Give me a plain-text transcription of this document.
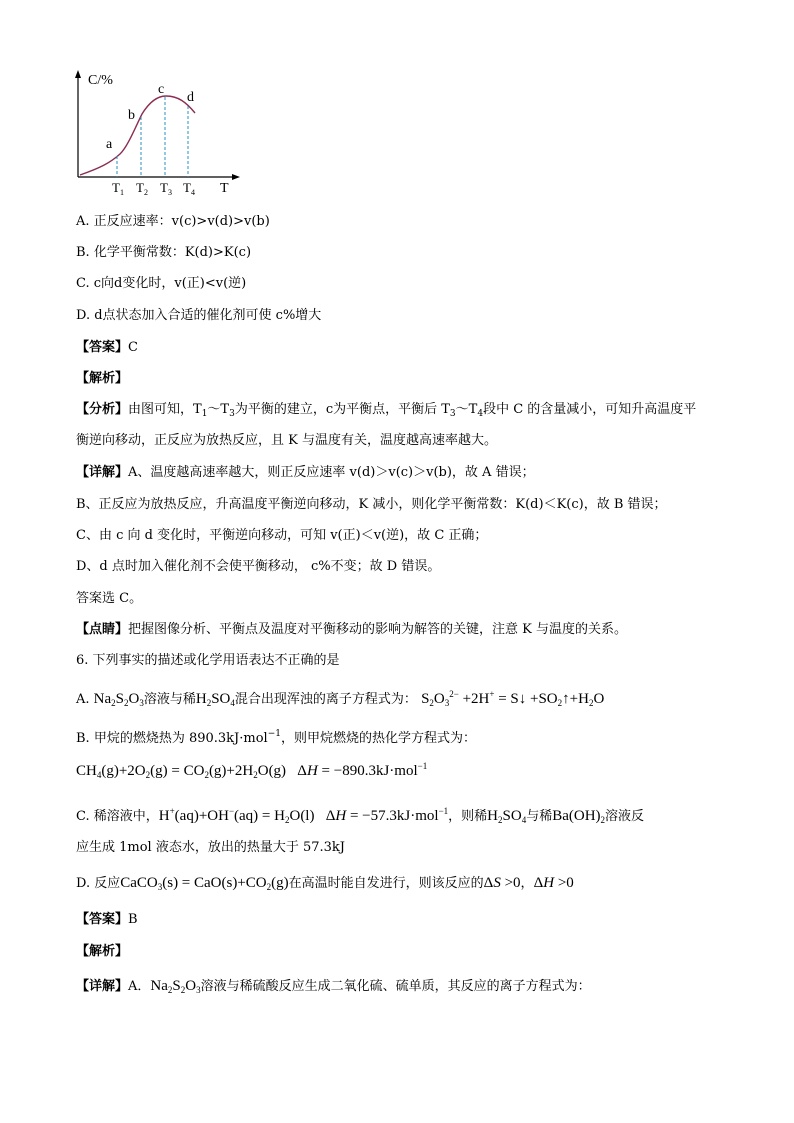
C/%
T
a
b
c
d
$T_1$ $T_2$ $T_3$ $T_4$
A. 正反应速率：v(c)>v(d)>v(b)
B. 化学平衡常数：K(d)>K(c)
C. c向d变化时，v(正)<v(逆)
D. d点状态加入合适的催化剂可使 c%增大
【答案】C
【解析】
【分析】由图可知，$T_1\sim T_3$为平衡的建立，c为平衡点，平衡后 $T_3\sim T_4$段中 C 的含量减小，可知升高温度平
衡逆向移动，正反应为放热反应，且 K 与温度有关，温度越高速率越大。
【详解】A、温度越高速率越大，则正反应速率 v(d)＞v(c)＞v(b)，故 A 错误；
B、正反应为放热反应，升高温度平衡逆向移动，K 减小，则化学平衡常数：K(d)＜K(c)，故 B 错误；
C、由 c 向 d 变化时，平衡逆向移动，可知 v(正)＜v(逆)，故 C 正确；
D、d 点时加入催化剂不会使平衡移动， c%不变；故 D 错误。
答案选 C。
【点睛】把握图像分析、平衡点及温度对平衡移动的影响为解答的关键，注意 K 与温度的关系。
6. 下列事实的描述或化学用语表达不正确的是
A. $Na_2S_2O_3$溶液与稀$H_2SO_4$混合出现浑浊的离子方程式为： $S_2O_3^{2-} +2H^+$ = S↓ $+SO_2↑+H_2O$
B. 甲烷的燃烧热为 890.3kJ·mol$^{-1}$，则甲烷燃烧的热化学方程式为：
$CH_4(g)+2O_2(g) = CO_2(g)+2H_2O(g) \Delta H = -890.3kJ\cdot mol^{-1}$
C. 稀溶液中，$H^+(aq)+OH^-(aq) = H_2O(l) \Delta H = -57.3kJ\cdot mol^{-1}$，则稀$H_2SO_4$与稀$Ba(OH)_2$溶液反
应生成 1mol 液态水，放出的热量大于 57.3kJ
D. 反应CaCO$_3$(s) = $CaO(s)+CO_2(g)$在高温时能自发进行，则该反应的ΔS >0，ΔH >0
【答案】B
【解析】
【详解】A．$Na_2S_2O_3$溶液与稀硫酸反应生成二氧化硫、硫单质，其反应的离子方程式为：
